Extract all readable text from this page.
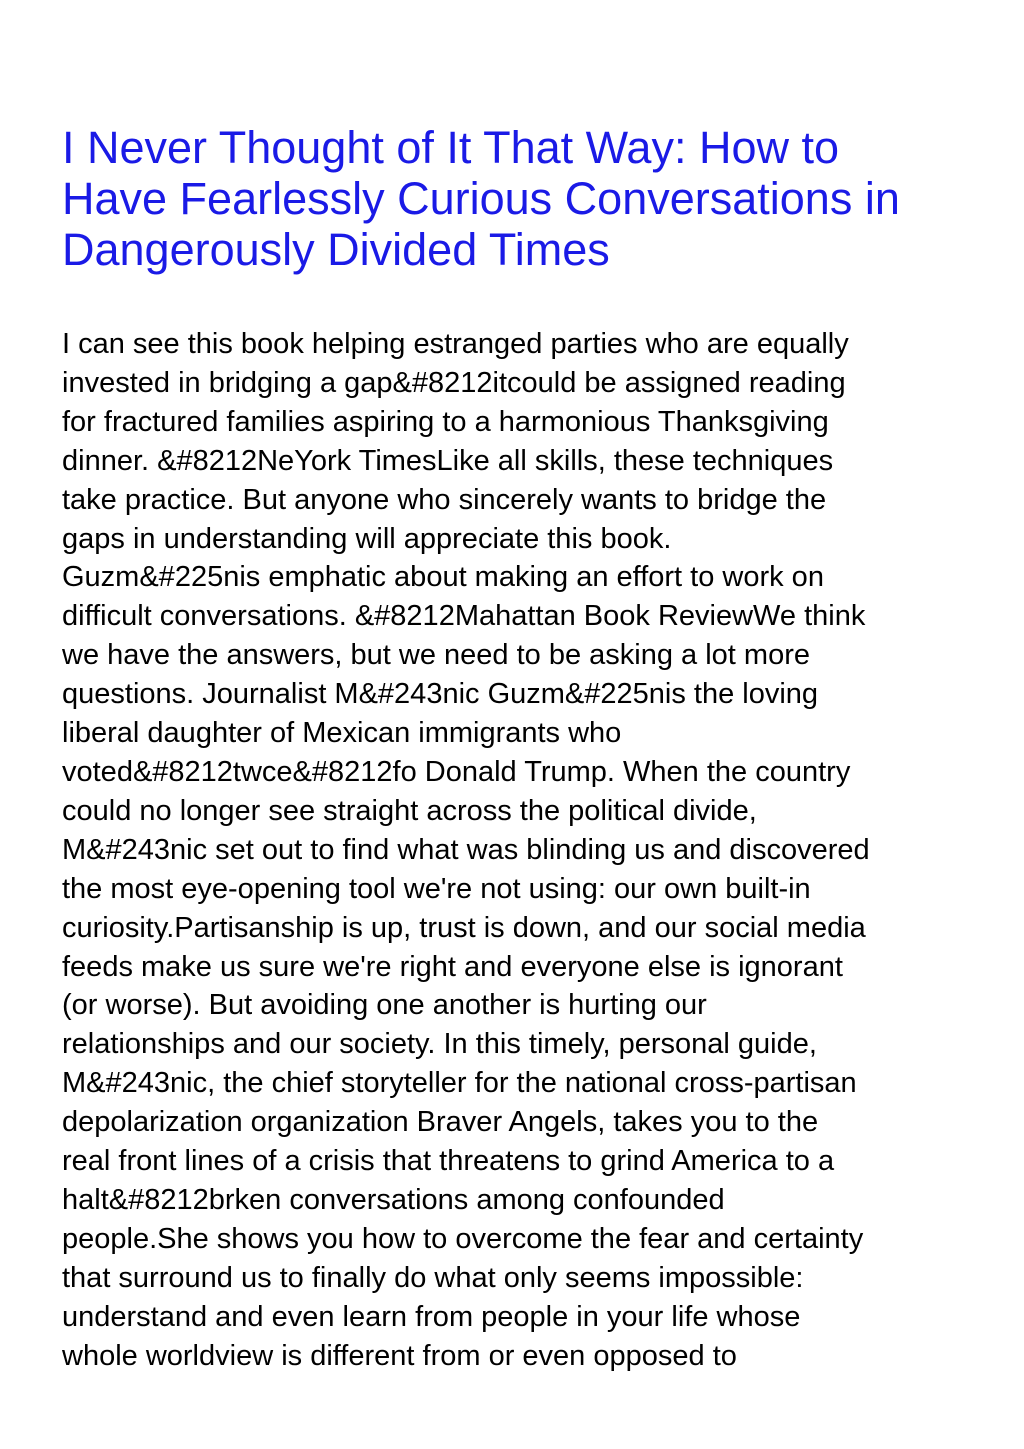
I Never Thought of It That Way: How to
Have Fearlessly Curious Conversations in
Dangerously Divided Times
I can see this book helping estranged parties who are equally
invested in bridging a gap&#8212itcould be assigned reading
for fractured families aspiring to a harmonious Thanksgiving
dinner. &#8212NeYork TimesLike all skills, these techniques
take practice. But anyone who sincerely wants to bridge the
gaps in understanding will appreciate this book.
Guzm&#225nis emphatic about making an effort to work on
difficult conversations. &#8212Mahattan Book ReviewWe think
we have the answers, but we need to be asking a lot more
questions. Journalist M&#243nic Guzm&#225nis the loving
liberal daughter of Mexican immigrants who
voted&#8212twce&#8212fo Donald Trump. When the country
could no longer see straight across the political divide,
M&#243nic set out to find what was blinding us and discovered
the most eye-opening tool we're not using: our own built-in
curiosity.Partisanship is up, trust is down, and our social media
feeds make us sure we're right and everyone else is ignorant
(or worse). But avoiding one another is hurting our
relationships and our society. In this timely, personal guide,
M&#243nic, the chief storyteller for the national cross-partisan
depolarization organization Braver Angels, takes you to the
real front lines of a crisis that threatens to grind America to a
halt&#8212brken conversations among confounded
people.She shows you how to overcome the fear and certainty
that surround us to finally do what only seems impossible:
understand and even learn from people in your life whose
whole worldview is different from or even opposed to
